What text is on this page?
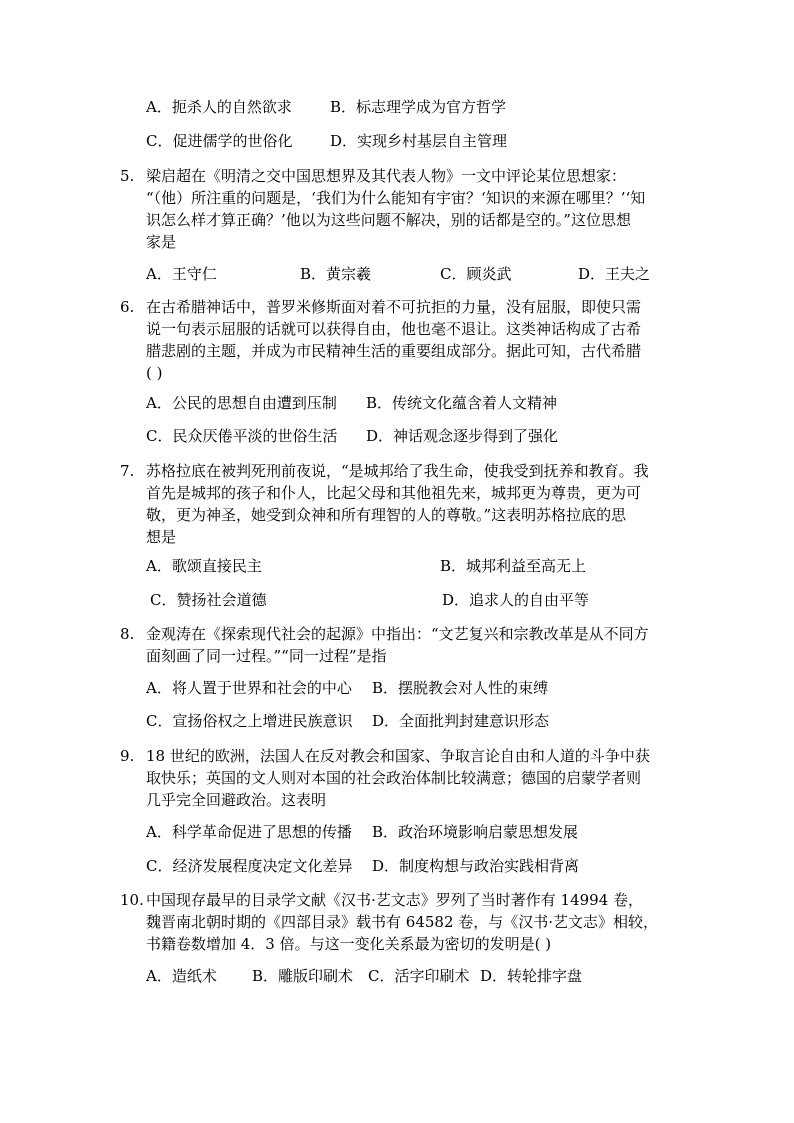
A．扼杀人的自然欲求	B．标志理学成为官方哲学
C．促进儒学的世俗化	D．实现乡村基层自主管理
5. 梁启超在《明清之交中国思想界及其代表人物》一文中评论某位思想家：
“（他）所注重的问题是，‘我们为什么能知有宇宙？‘知识的来源在哪里？’‘知
识怎么样才算正确？’他以为这些问题不解决，别的话都是空的。”这位思想
家是
A．王守仁	B．黄宗羲	C．顾炎武	D．王夫之
6. 在古希腊神话中，普罗米修斯面对着不可抗拒的力量，没有屈服，即使只需
说一句表示屈服的话就可以获得自由，他也毫不退让。这类神话构成了古希
腊悲剧的主题，并成为市民精神生活的重要组成部分。据此可知，古代希腊
( )
A．公民的思想自由遭到压制 B．传统文化蕴含着人文精神
C．民众厌倦平淡的世俗生活 D．神话观念逐步得到了强化
7. 苏格拉底在被判死刑前夜说，“是城邦给了我生命，使我受到抚养和教育。我
首先是城邦的孩子和仆人，比起父母和其他祖先来，城邦更为尊贵，更为可
敬，更为神圣，她受到众神和所有理智的人的尊敬。”这表明苏格拉底的思
想是
A．歌颂直接民主	B．城邦利益至高无上
C．赞扬社会道德	D．追求人的自由平等
8. 金观涛在《探索现代社会的起源》中指出：“文艺复兴和宗教改革是从不同方
面刻画了同一过程。”“同一过程”是指
A．将人置于世界和社会的中心 B．摆脱教会对人性的束缚
C．宣扬俗权之上增进民族意识 D．全面批判封建意识形态
9. 18 世纪的欧洲，法国人在反对教会和国家、争取言论自由和人道的斗争中获
取快乐；英国的文人则对本国的社会政治体制比较满意；德国的启蒙学者则
几乎完全回避政治。这表明
A．科学革命促进了思想的传播 B．政治环境影响启蒙思想发展
C．经济发展程度决定文化差异 D．制度构想与政治实践相背离
10. 中国现存最早的目录学文献《汉书·艺文志》罗列了当时著作有 14994 卷，
魏晋南北朝时期的《四部目录》载书有 64582 卷，与《汉书·艺文志》相较，
书籍卷数增加 4．3 倍。与这一变化关系最为密切的发明是( )
A．造纸术 B．雕版印刷术 C．活字印刷术 D．转轮排字盘
